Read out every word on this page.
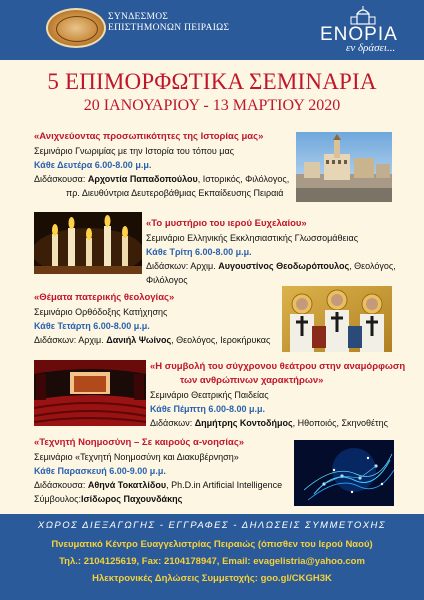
ΣΥΝΔΕΣΜΟΣ
ΕΠΙΣΤΗΜΟΝΩΝ ΠΕΙΡΑΙΩΣ	ΕΝΟΡΙΑ
εν δράσει...
5 ΕΠΙΜΟΡΦΩΤΙΚΑ ΣΕΜΙΝΑΡΙΑ
20 ΙΑΝΟΥΑΡΙΟΥ - 13 ΜΑΡΤΙΟΥ 2020
«Ανιχνεύοντας προσωπικότητες της Ιστορίας μας»
Σεμινάριο Γνωριμίας με την Ιστορία του τόπου μας
Κάθε Δευτέρα 6.00-8.00 μ.μ.
Διδάσκουσα: Αρχοντία Παπαδοπούλου, Ιστορικός, Φιλόλογος,
πρ. Διευθύντρια Δευτεροβάθμιας Εκπαίδευσης Πειραιά
«Το μυστήριο του ιερού Ευχελαίου»
Σεμινάριο Ελληνικής Εκκλησιαστικής Γλωσσομάθειας
Κάθε Τρίτη 6.00-8.00 μ.μ.
Διδάσκων: Αρχιμ. Αυγουστίνος Θεοδωρόπουλος, Θεολόγος, Φιλόλογος
«Θέματα πατερικής θεολογίας»
Σεμινάριο Ορθόδοξης Κατήχησης
Κάθε Τετάρτη 6.00-8.00 μ.μ.
Διδάσκων: Αρχιμ. Δανιήλ Ψωίνος, Θεολόγος, Ιεροκήρυκας
«Η συμβολή του σύγχρονου θεάτρου στην αναμόρφωση
των ανθρώπινων χαρακτήρων»
Σεμινάριο Θεατρικής Παιδείας
Κάθε Πέμπτη 6.00-8.00 μ.μ.
Διδάσκων: Δημήτρης Κοντοδήμος, Ηθοποιός, Σκηνοθέτης
«Τεχνητή Νοημοσύνη – Σε καιρούς α-νοησίας»
Σεμινάριο «Τεχνητή Νοημοσύνη και Διακυβέρνηση»
Κάθε Παρασκευή 6.00-9.00 μ.μ.
Διδάσκουσα: Αθηνά Τοκατλίδου, Ph.D.in Artificial Intelligence
Σύμβουλος:Ισίδωρος Παχουνδάκης
ΧΩΡΟΣ ΔΙΕΞΑΓΩΓΗΣ - ΕΓΓΡΑΦΕΣ - ΔΗΛΩΣΕΙΣ ΣΥΜΜΕΤΟΧΗΣ
Πνευματικό Κέντρο Ευαγγελιστρίας Πειραιώς (όπισθεν του Ιερού Ναού)
Τηλ.: 2104125619, Fax: 2104178947, Email: evagelistria@yahoo.com
Ηλεκτρονικές Δηλώσεις Συμμετοχής: goo.gl/CKGH3K
